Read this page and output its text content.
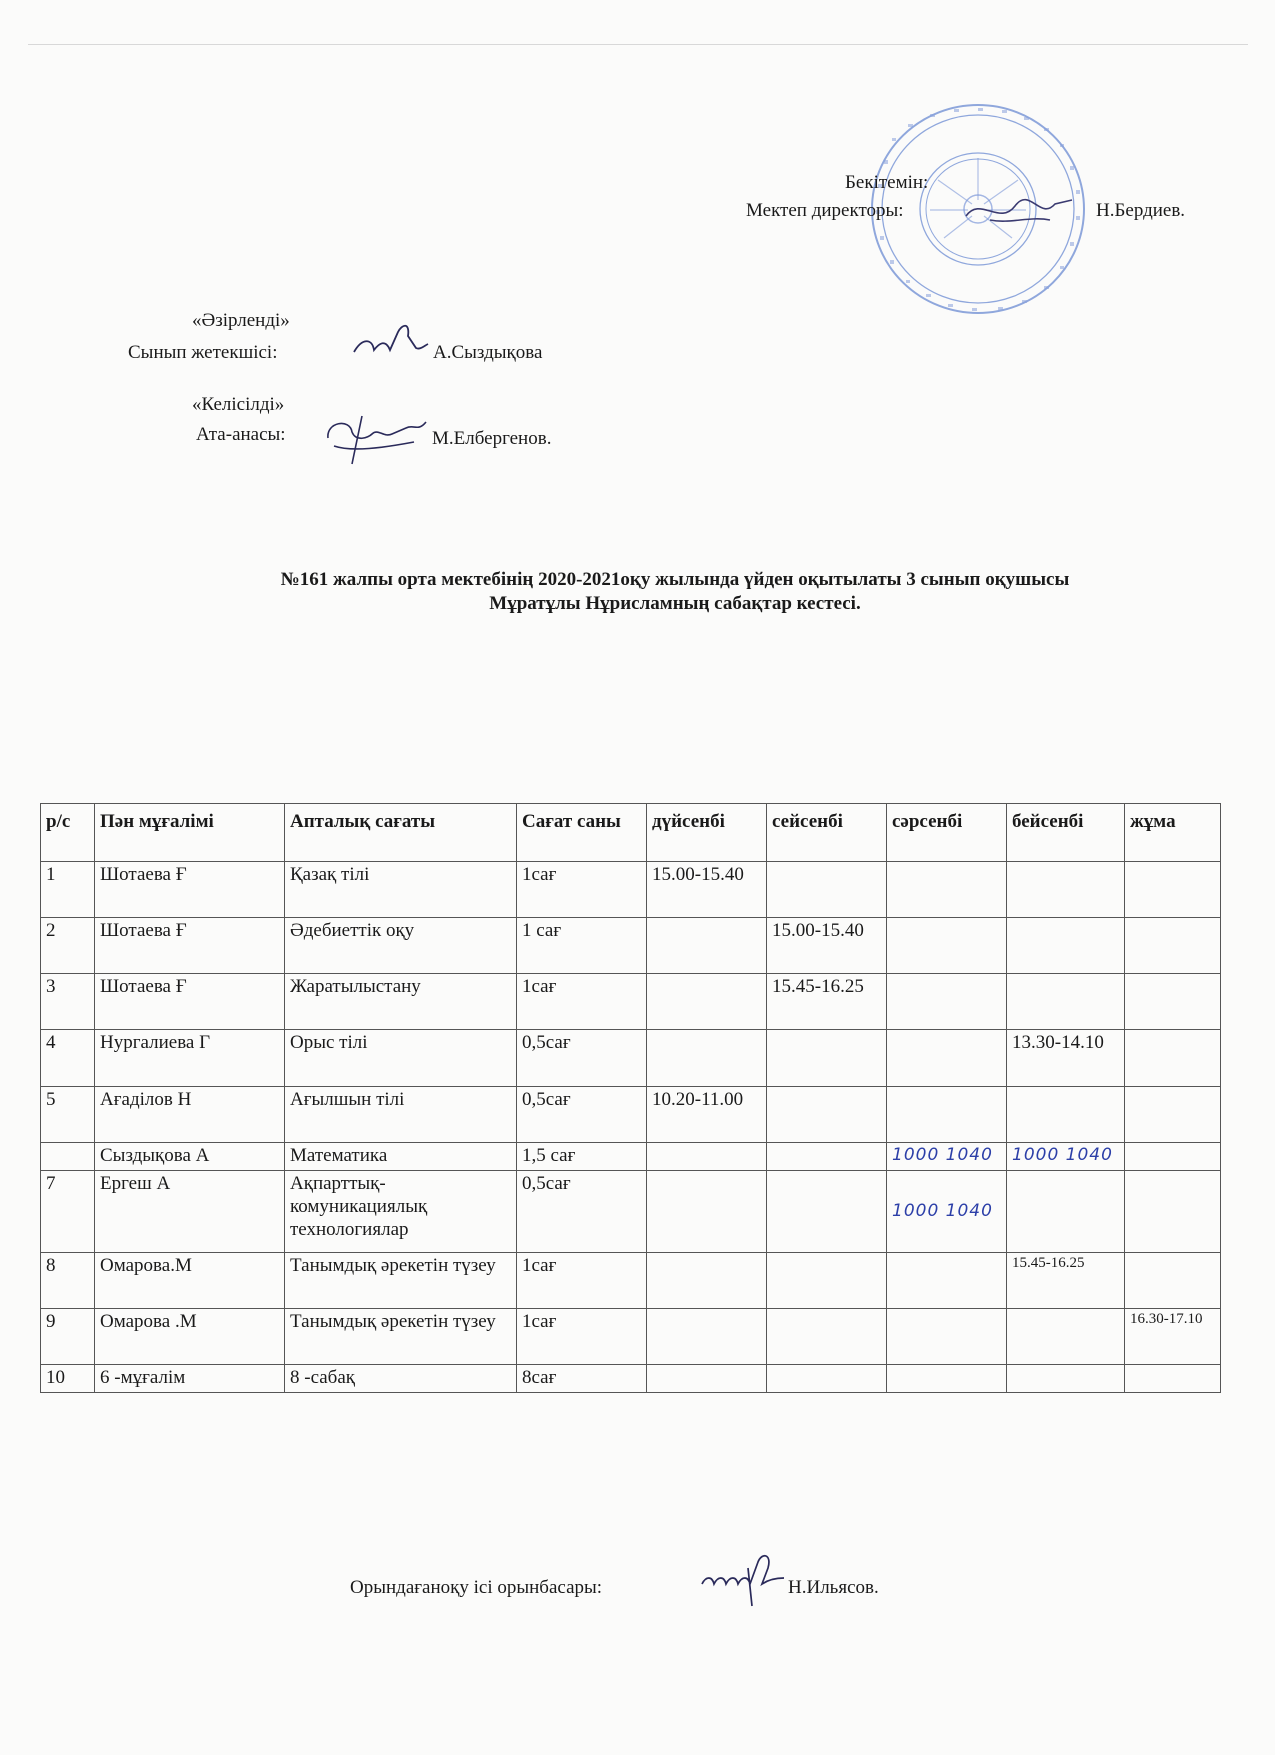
Бекітемін:
Мектеп директоры:	Н.Бердиев.
«Әзірленді»
Сынып жетекшісі:	А.Сыздықова
«Келісілді»
Ата-анасы:	М.Елбергенов.
№161 жалпы орта мектебінің 2020-2021оқу жылында үйден оқытылаты 3 сынып оқушысы
Мұратұлы Нұрисламның сабақтар кестесі.
р/с	Пән мұғалімі	Апталық сағаты	Сағат саны	дүйсенбі	сейсенбі	сәрсенбі	бейсенбі	жұма
1	Шотаева Ғ	Қазақ тілі	1сағ	15.00-15.40				
2	Шотаева Ғ	Әдебиеттік оқу	1 сағ		15.00-15.40			
3	Шотаева Ғ	Жаратылыстану	1сағ		15.45-16.25			
4	Нургалиева Г	Орыс тілі	0,5сағ				13.30-14.10	
5	Ағаділов Н	Ағылшын тілі	0,5сағ	10.20-11.00				
	Сыздықова А	Математика	1,5 сағ			1000 1040	1000 1040	
7	Ергеш А	Ақпарттық-комуникациялық технологиялар	0,5сағ			1000 1040		
8	Омарова.М	Танымдық әрекетін түзеу	1сағ				15.45-16.25	
9	Омарова .М	Танымдық әрекетін түзеу	1сағ					16.30-17.10
10	6 -мұғалім	8 -сабақ	8сағ					
Орындағаноқу ісі орынбасары:	Н.Ильясов.
